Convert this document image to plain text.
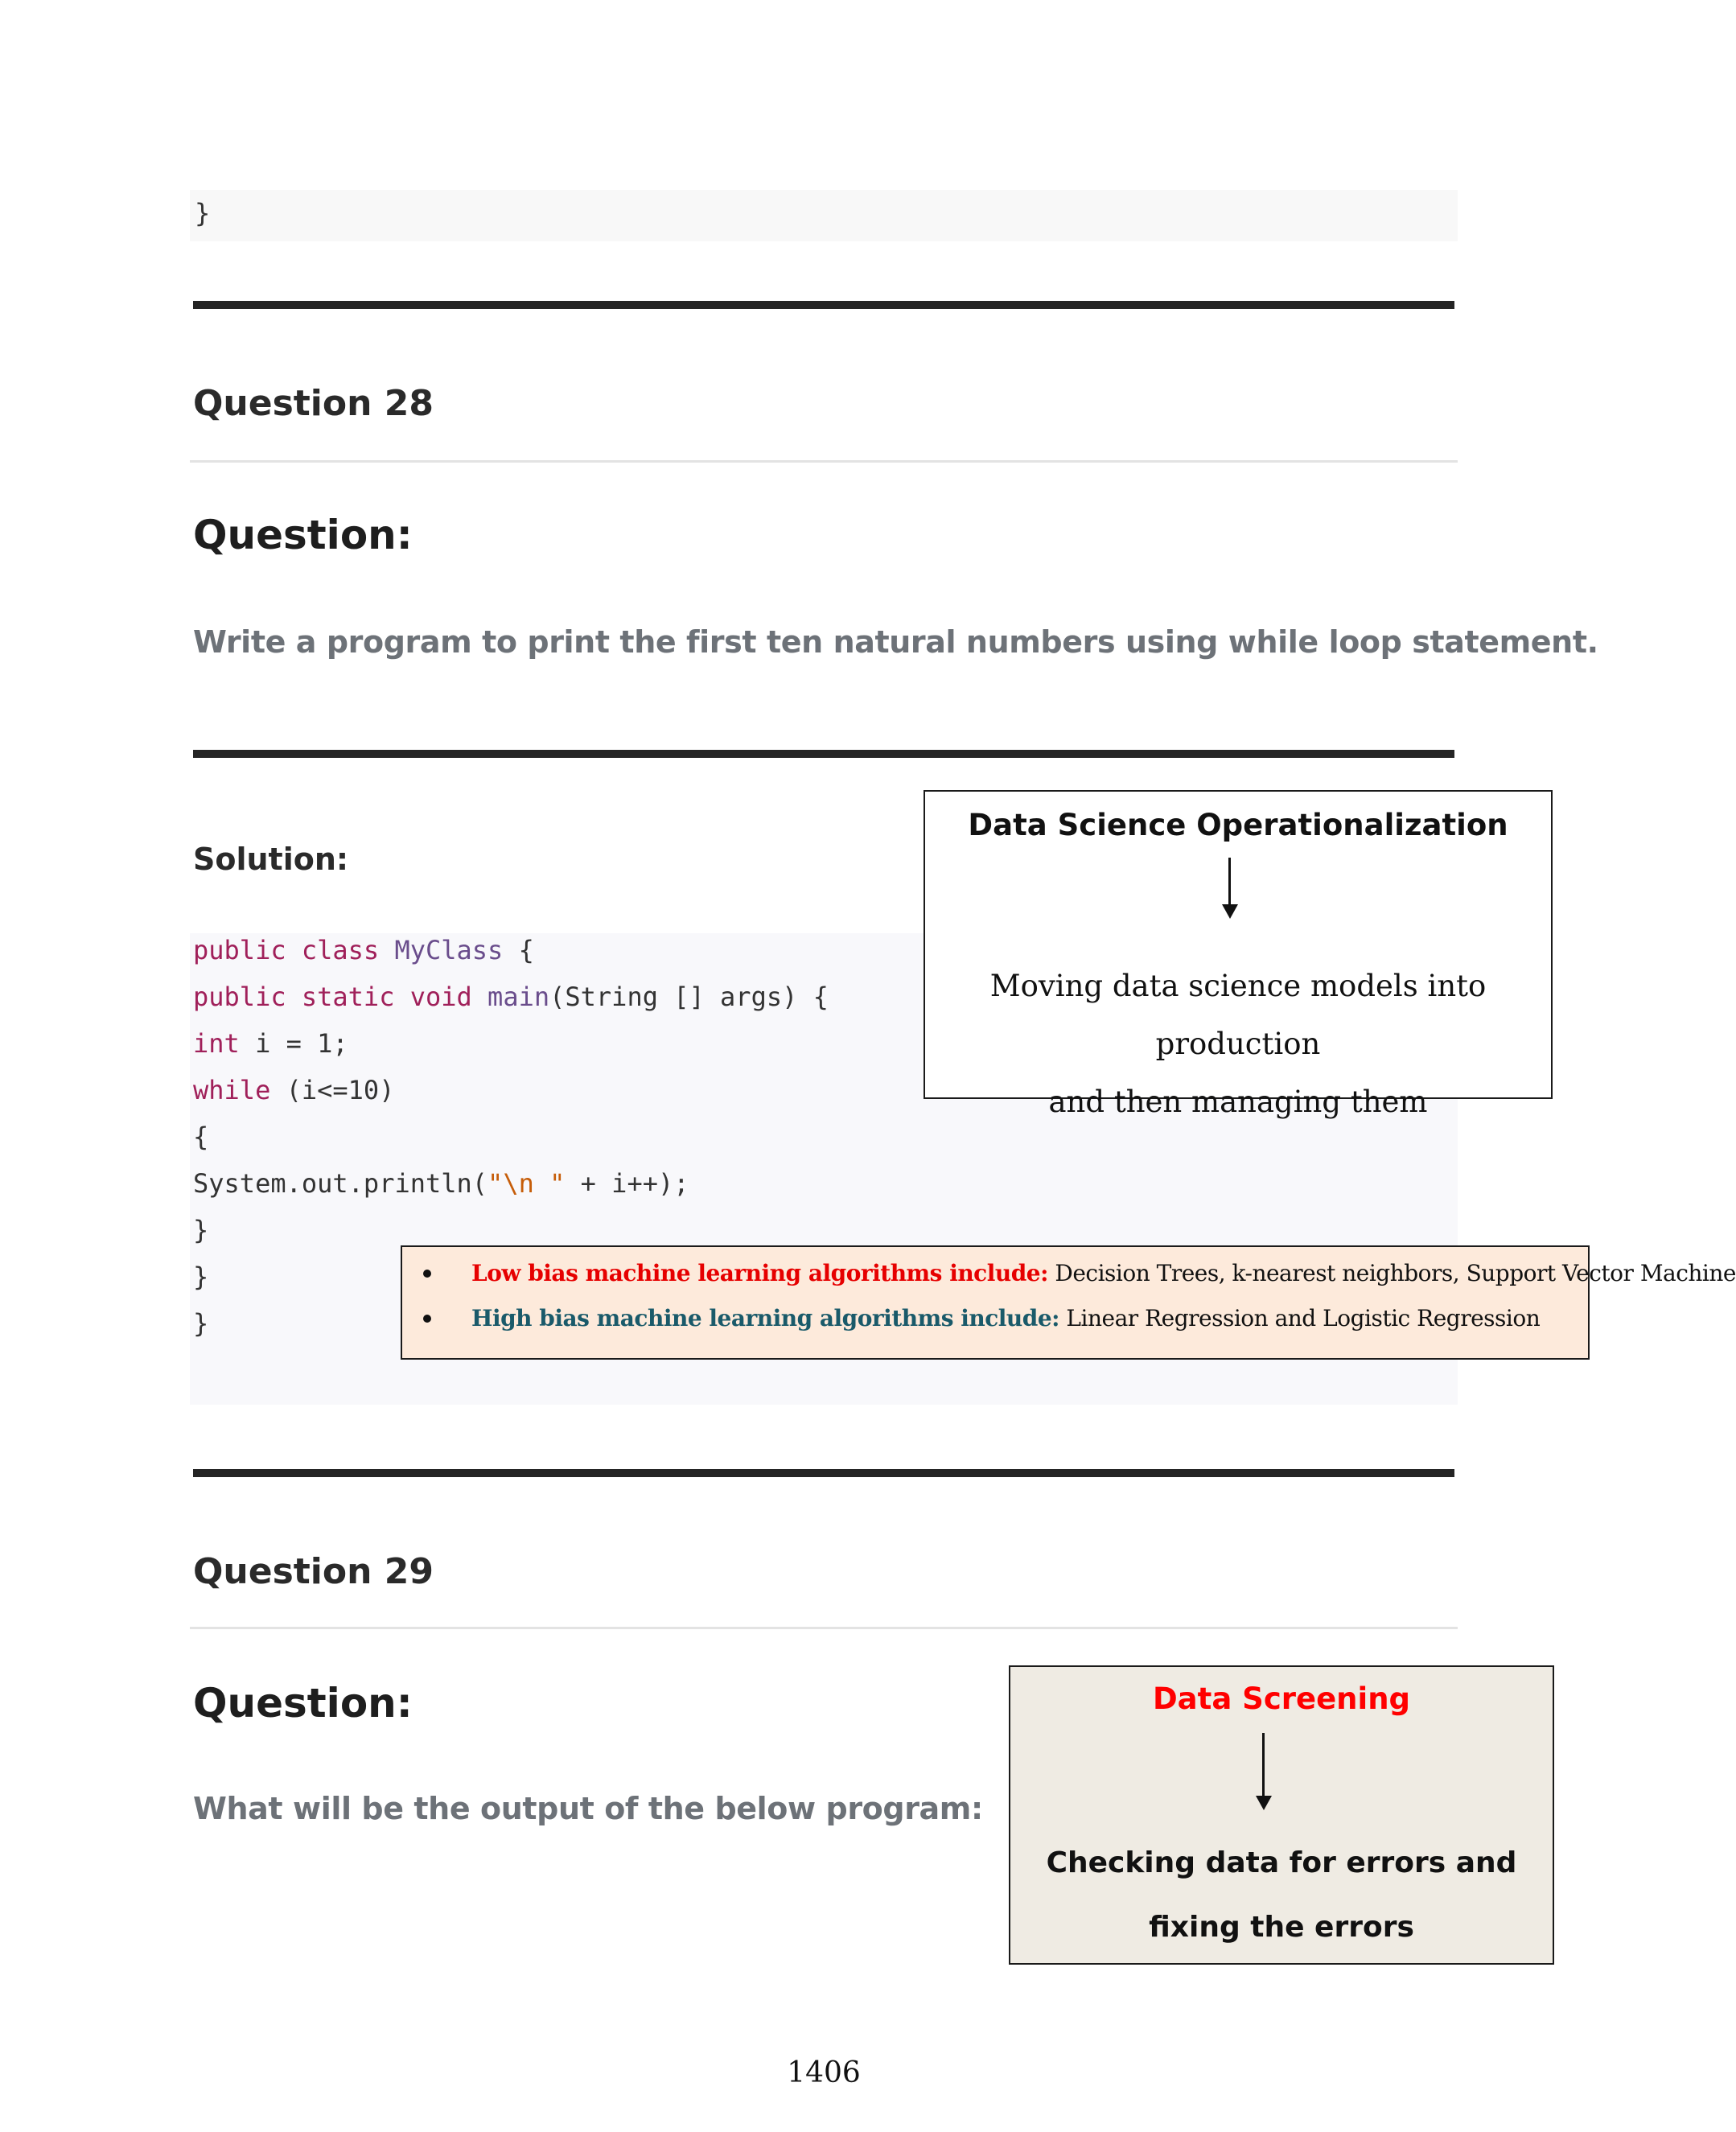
}
Question 28
Question:
Write a program to print the first ten natural numbers using while loop statement.
Solution:
public class MyClass {
public static void main(String [] args) {
int i = 1;
while (i<=10)
{
System.out.println("\n " + i++);
}
}
}
Data Science Operationalization
Moving data science models into production
and then managing them
Low bias machine learning algorithms include: Decision Trees, k-nearest neighbors, Support Vector Machine
High bias machine learning algorithms include: Linear Regression and Logistic Regression
Question 29
Question:
What will be the output of the below program:
Data Screening
Checking data for errors and
fixing the errors
1406
